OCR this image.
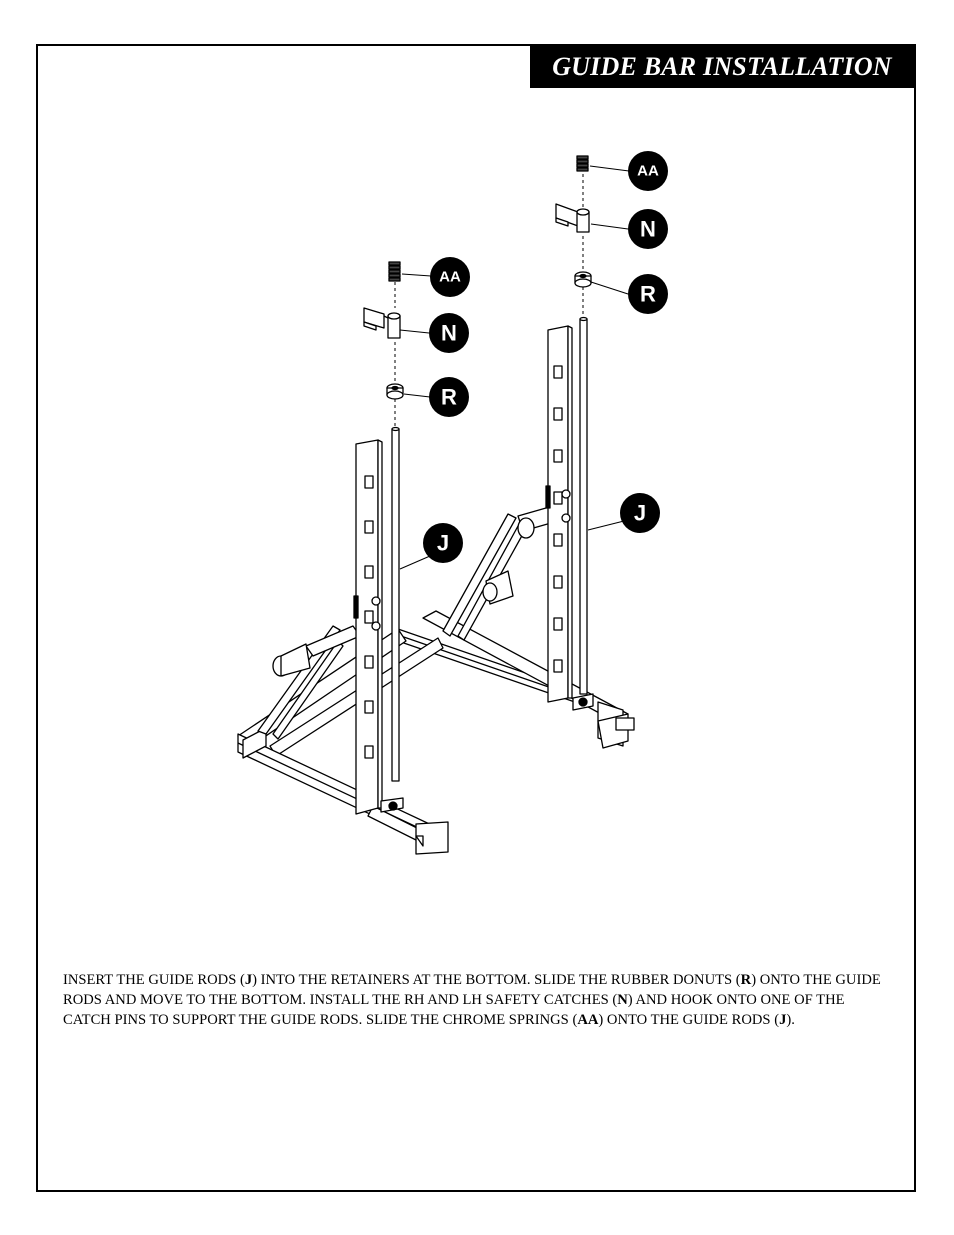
GUIDE BAR INSTALLATION
AA
N
R
J
AA
N
R
J
INSERT THE GUIDE RODS (J) INTO THE RETAINERS AT THE BOTTOM. SLIDE THE RUBBER DONUTS (R) ONTO THE GUIDE RODS AND MOVE TO THE BOTTOM. INSTALL THE RH AND LH SAFETY CATCHES (N) AND HOOK ONTO ONE OF THE CATCH PINS TO SUPPORT THE GUIDE RODS. SLIDE THE CHROME SPRINGS (AA) ONTO THE GUIDE RODS (J).
